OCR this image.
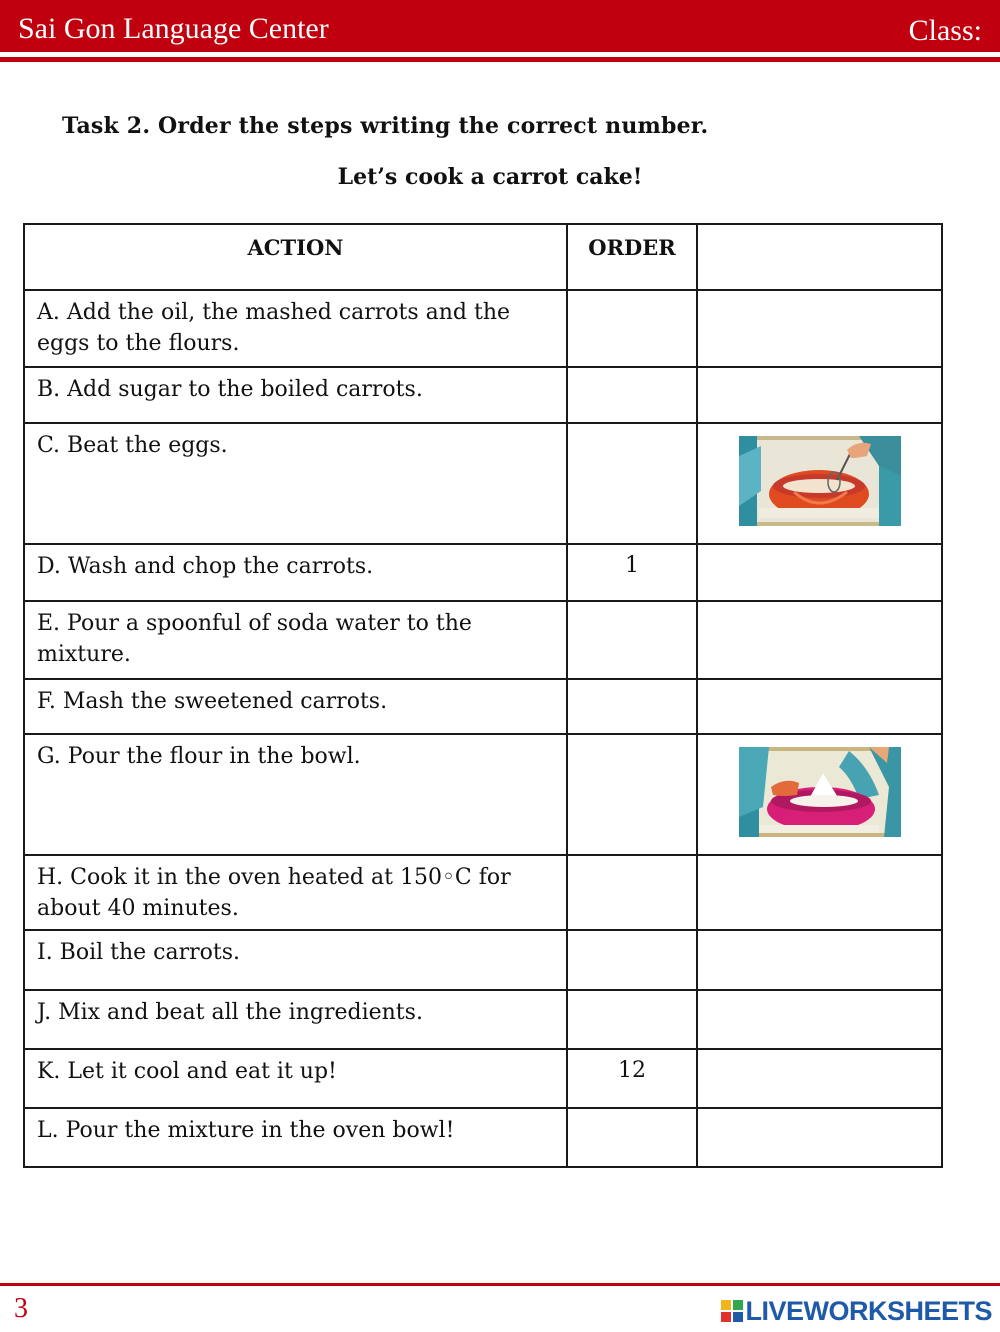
Sai Gon Language Center	Class:
Task 2. Order the steps writing the correct number.
Let’s cook a carrot cake!
ACTION	ORDER	
A. Add the oil, the mashed carrots and the eggs to the flours.		
B. Add sugar to the boiled carrots.		
C. Beat the eggs.		
D. Wash and chop the carrots.	1	
E. Pour a spoonful of soda water to the mixture.		
F. Mash the sweetened carrots.		
G. Pour the flour in the bowl.		
H. Cook it in the oven heated at 150◦C for about 40 minutes.		
I. Boil the carrots.		
J. Mix and beat all the ingredients.		
K. Let it cool and eat it up!	12	
L. Pour the mixture in the oven bowl!		
3	LIVEWORKSHEETS
